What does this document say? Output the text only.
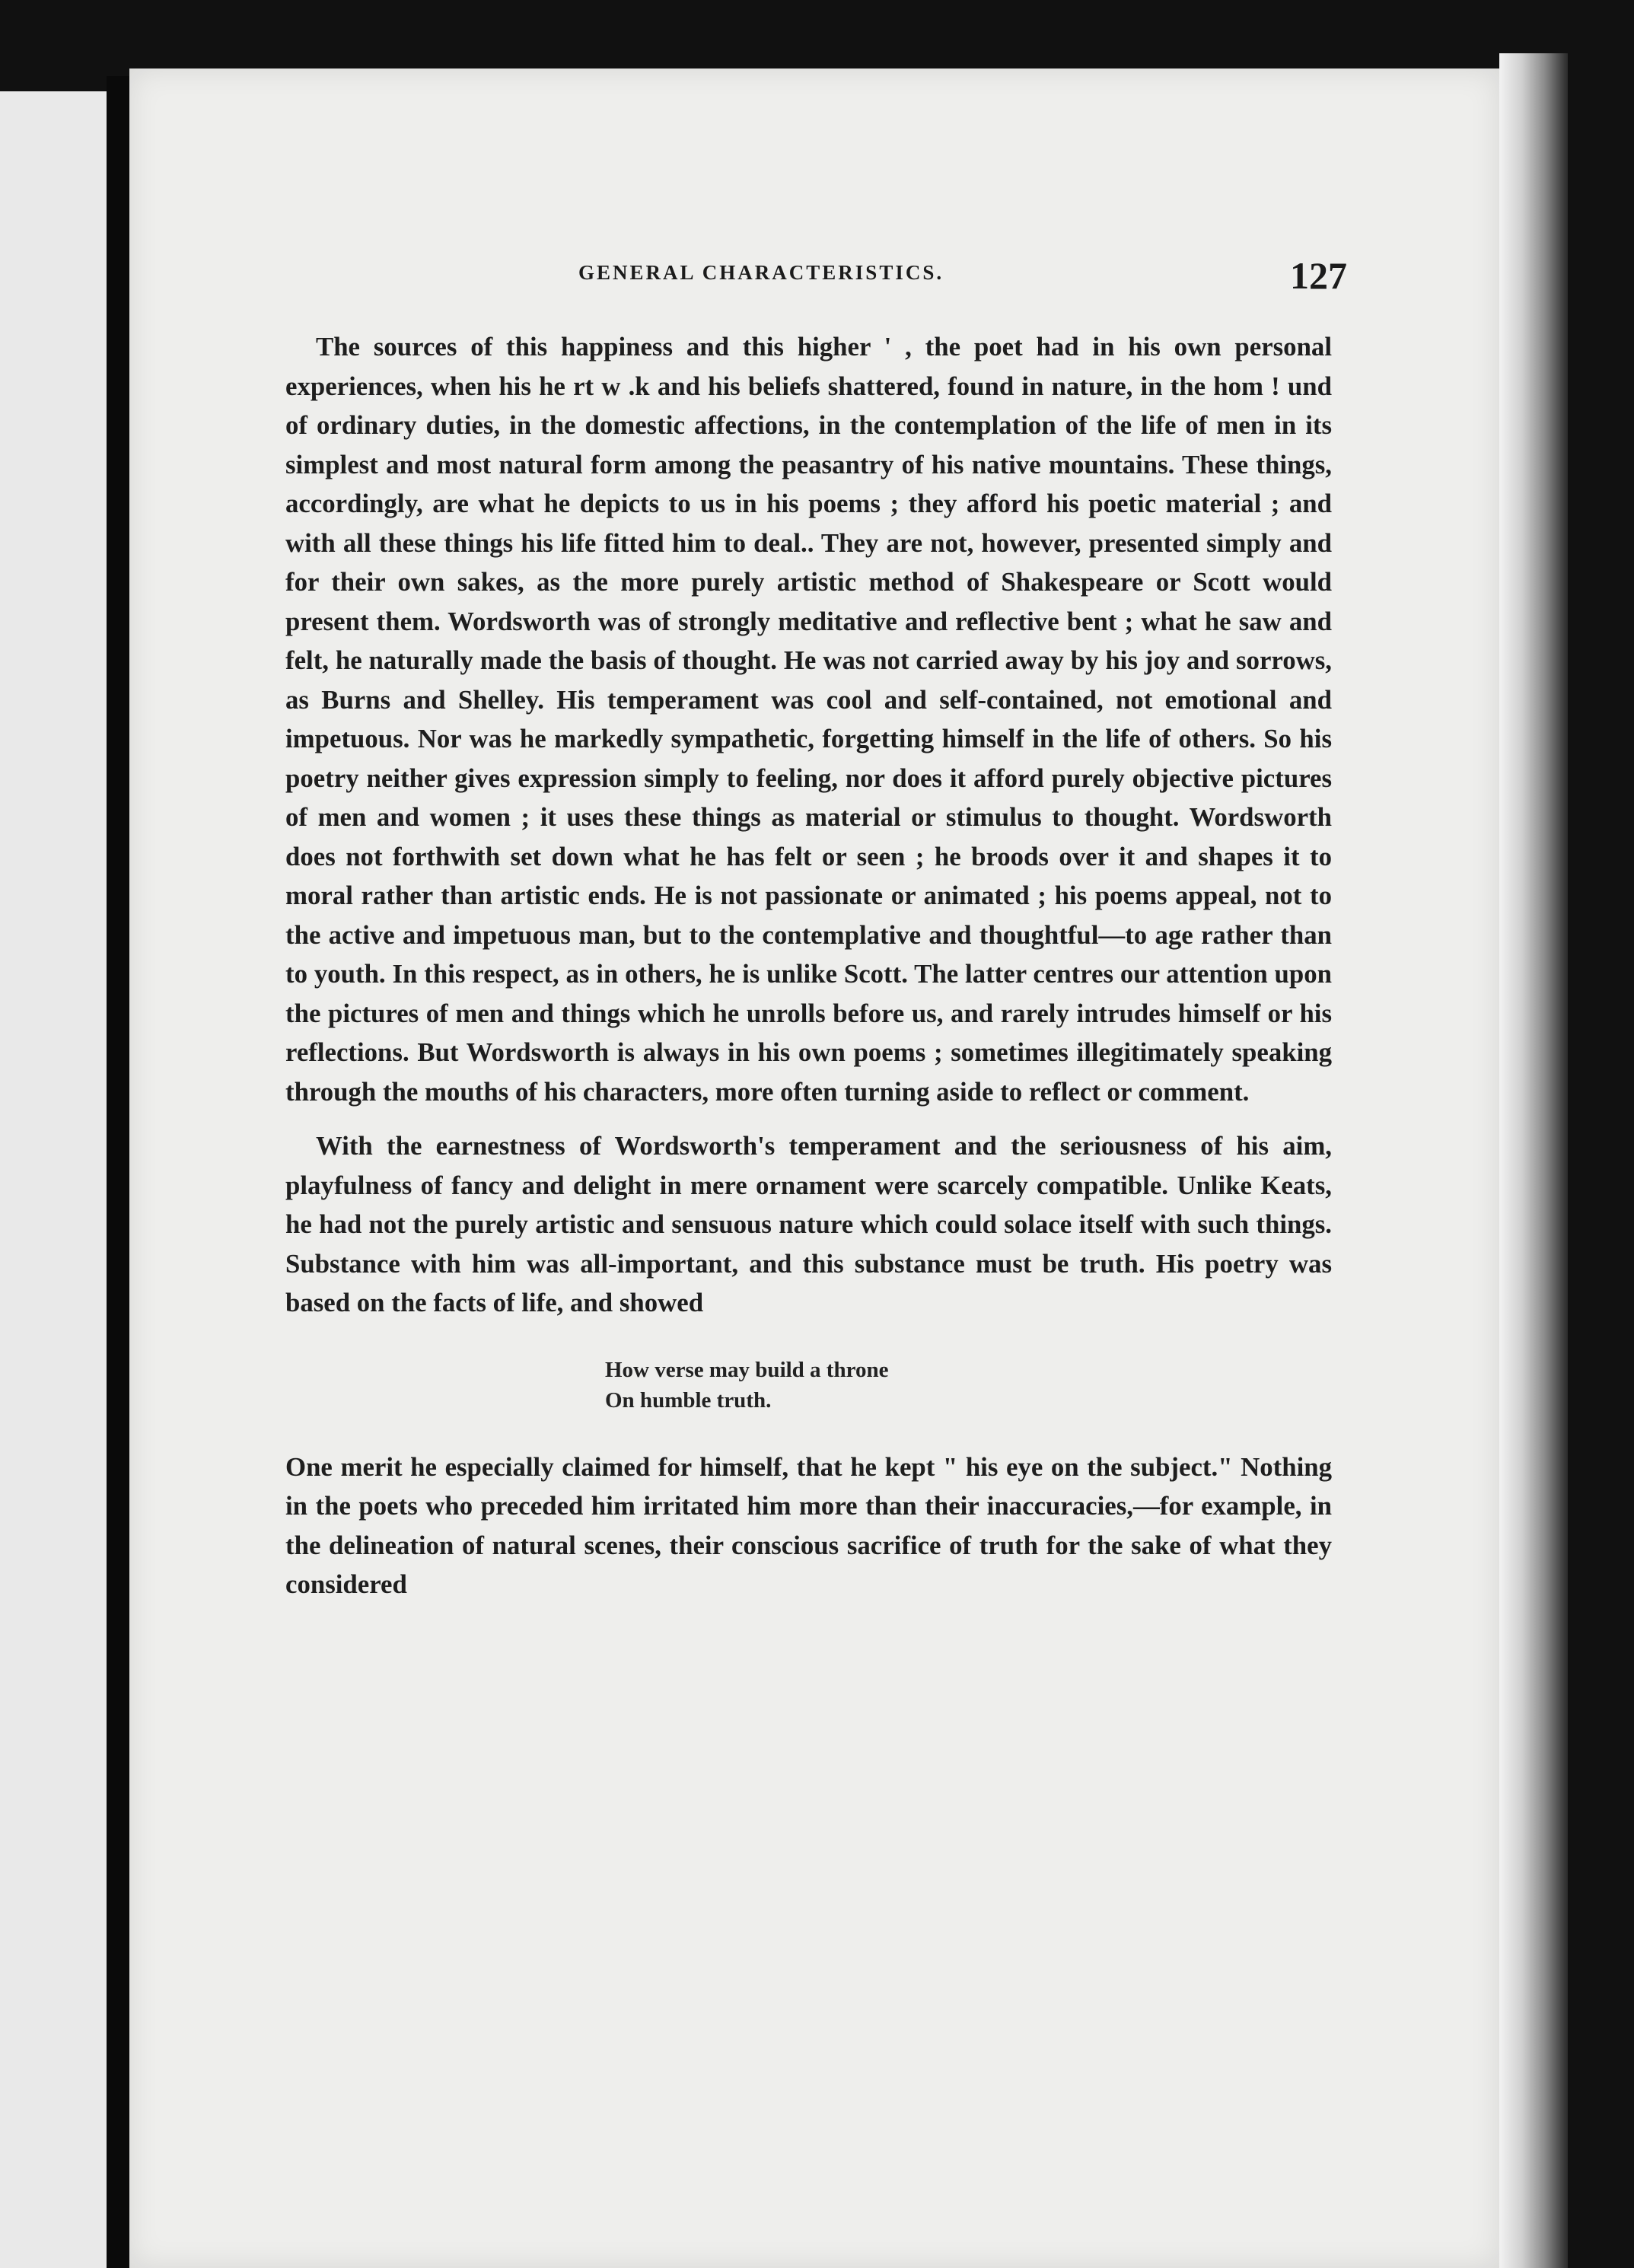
GENERAL CHARACTERISTICS.	127

The sources of this happiness and this higher ' , the poet had in his own personal experiences, when his he rt w .k and his beliefs shattered, found in nature, in the hom ! und of ordinary duties, in the domestic affections, in the contemplation of the life of men in its simplest and most natural form among the peasantry of his native mountains. These things, accordingly, are what he depicts to us in his poems ; they afford his poetic material ; and with all these things his life fitted him to deal.. They are not, however, presented simply and for their own sakes, as the more purely artistic method of Shakespeare or Scott would present them. Wordsworth was of strongly meditative and reflective bent ; what he saw and felt, he naturally made the basis of thought. He was not carried away by his joy and sorrows, as Burns and Shelley. His temperament was cool and self-contained, not emotional and impetuous. Nor was he markedly sympathetic, forgetting himself in the life of others. So his poetry neither gives expression simply to feeling, nor does it afford purely objective pictures of men and women ; it uses these things as material or stimulus to thought. Wordsworth does not forthwith set down what he has felt or seen ; he broods over it and shapes it to moral rather than artistic ends. He is not passionate or animated ; his poems appeal, not to the active and impetuous man, but to the contemplative and thoughtful—to age rather than to youth. In this respect, as in others, he is unlike Scott. The latter centres our attention upon the pictures of men and things which he unrolls before us, and rarely intrudes himself or his reflections. But Wordsworth is always in his own poems ; sometimes illegitimately speaking through the mouths of his characters, more often turning aside to reflect or comment.

With the earnestness of Wordsworth's temperament and the seriousness of his aim, playfulness of fancy and delight in mere ornament were scarcely compatible. Unlike Keats, he had not the purely artistic and sensuous nature which could solace itself with such things. Substance with him was all-important, and this substance must be truth. His poetry was based on the facts of life, and showed

How verse may build a throne
On humble truth.

One merit he especially claimed for himself, that he kept " his eye on the subject." Nothing in the poets who preceded him irritated him more than their inaccuracies,—for example, in the delineation of natural scenes, their conscious sacrifice of truth for the sake of what they considered
